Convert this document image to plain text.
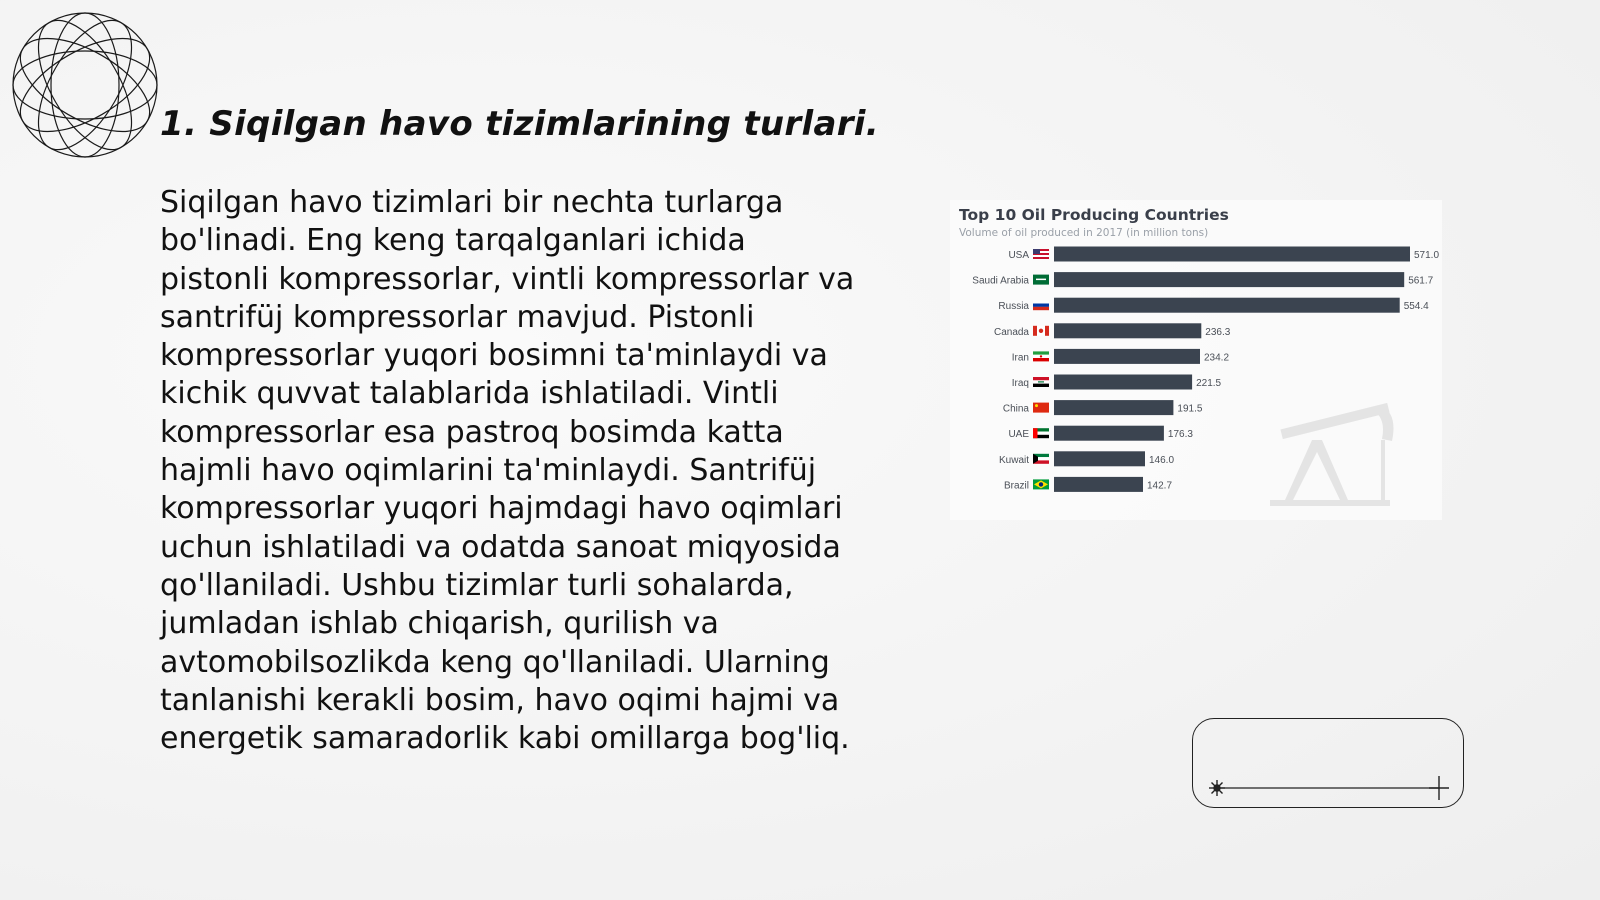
1. Siqilgan havo tizimlarining turlari.

Siqilgan havo tizimlari bir nechta turlarga bo'linadi. Eng keng tarqalganlari ichida pistonli kompressorlar, vintli kompressorlar va santrifüj kompressorlar mavjud. Pistonli kompressorlar yuqori bosimni ta'minlaydi va kichik quvvat talablarida ishlatiladi. Vintli kompressorlar esa pastroq bosimda katta hajmli havo oqimlarini ta'minlaydi. Santrifüj kompressorlar yuqori hajmdagi havo oqimlari uchun ishlatiladi va odatda sanoat miqyosida qo'llaniladi. Ushbu tizimlar turli sohalarda, jumladan ishlab chiqarish, qurilish va avtomobilsozlikda keng qo'llaniladi. Ularning tanlanishi kerakli bosim, havo oqimi hajmi va energetik samaradorlik kabi omillarga bog'liq.

Top 10 Oil Producing Countries
Volume of oil produced in 2017 (in million tons)
USA	571.0
Saudi Arabia	561.7
Russia	554.4
Canada	236.3
Iran	234.2
Iraq	221.5
China	191.5
UAE	176.3
Kuwait	146.0
Brazil	142.7
